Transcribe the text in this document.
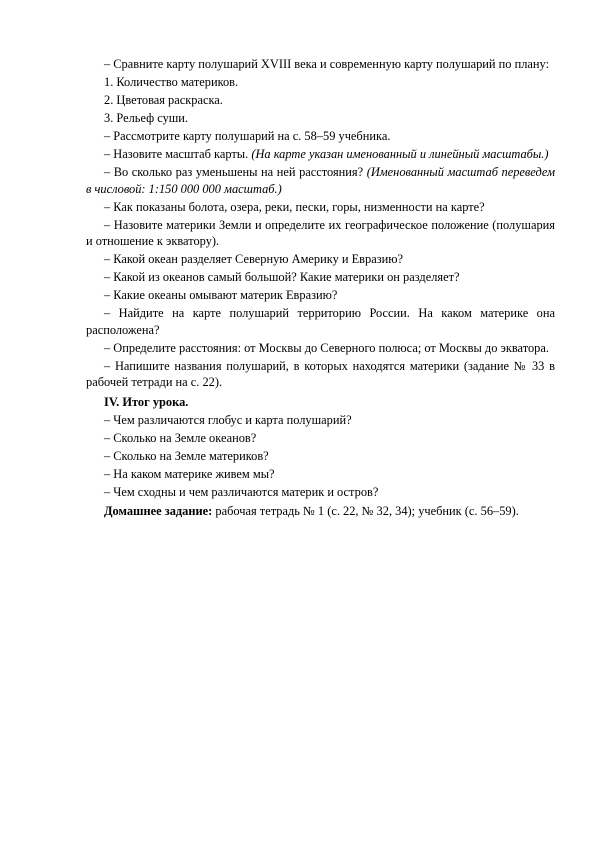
– Сравните карту полушарий XVIII века и современную карту полушарий по плану:

1. Количество материков.

2. Цветовая раскраска.

3. Рельеф суши.

– Рассмотрите карту полушарий на с. 58–59 учебника.

– Назовите масштаб карты. (На карте указан именованный и линейный масштабы.)

– Во сколько раз уменьшены на ней расстояния? (Именованный масштаб переведем в числовой: 1:150 000 000 масштаб.)

– Как показаны болота, озера, реки, пески, горы, низменности на карте?

– Назовите материки Земли и определите их географическое положение (полушария и отношение к экватору).

– Какой океан разделяет Северную Америку и Евразию?

– Какой из океанов самый большой? Какие материки он разделяет?

– Какие океаны омывают материк Евразию?

– Найдите на карте полушарий территорию России. На каком материке она расположена?

– Определите расстояния: от Москвы до Северного полюса; от Москвы до экватора.

– Напишите названия полушарий, в которых находятся материки (задание № 33 в рабочей тетради на с. 22).

IV. Итог урока.

– Чем различаются глобус и карта полушарий?

– Сколько на Земле океанов?

– Сколько на Земле материков?

– На каком материке живем мы?

– Чем сходны и чем различаются материк и остров?

Домашнее задание: рабочая тетрадь № 1 (с. 22, № 32, 34); учебник (с. 56–59).
